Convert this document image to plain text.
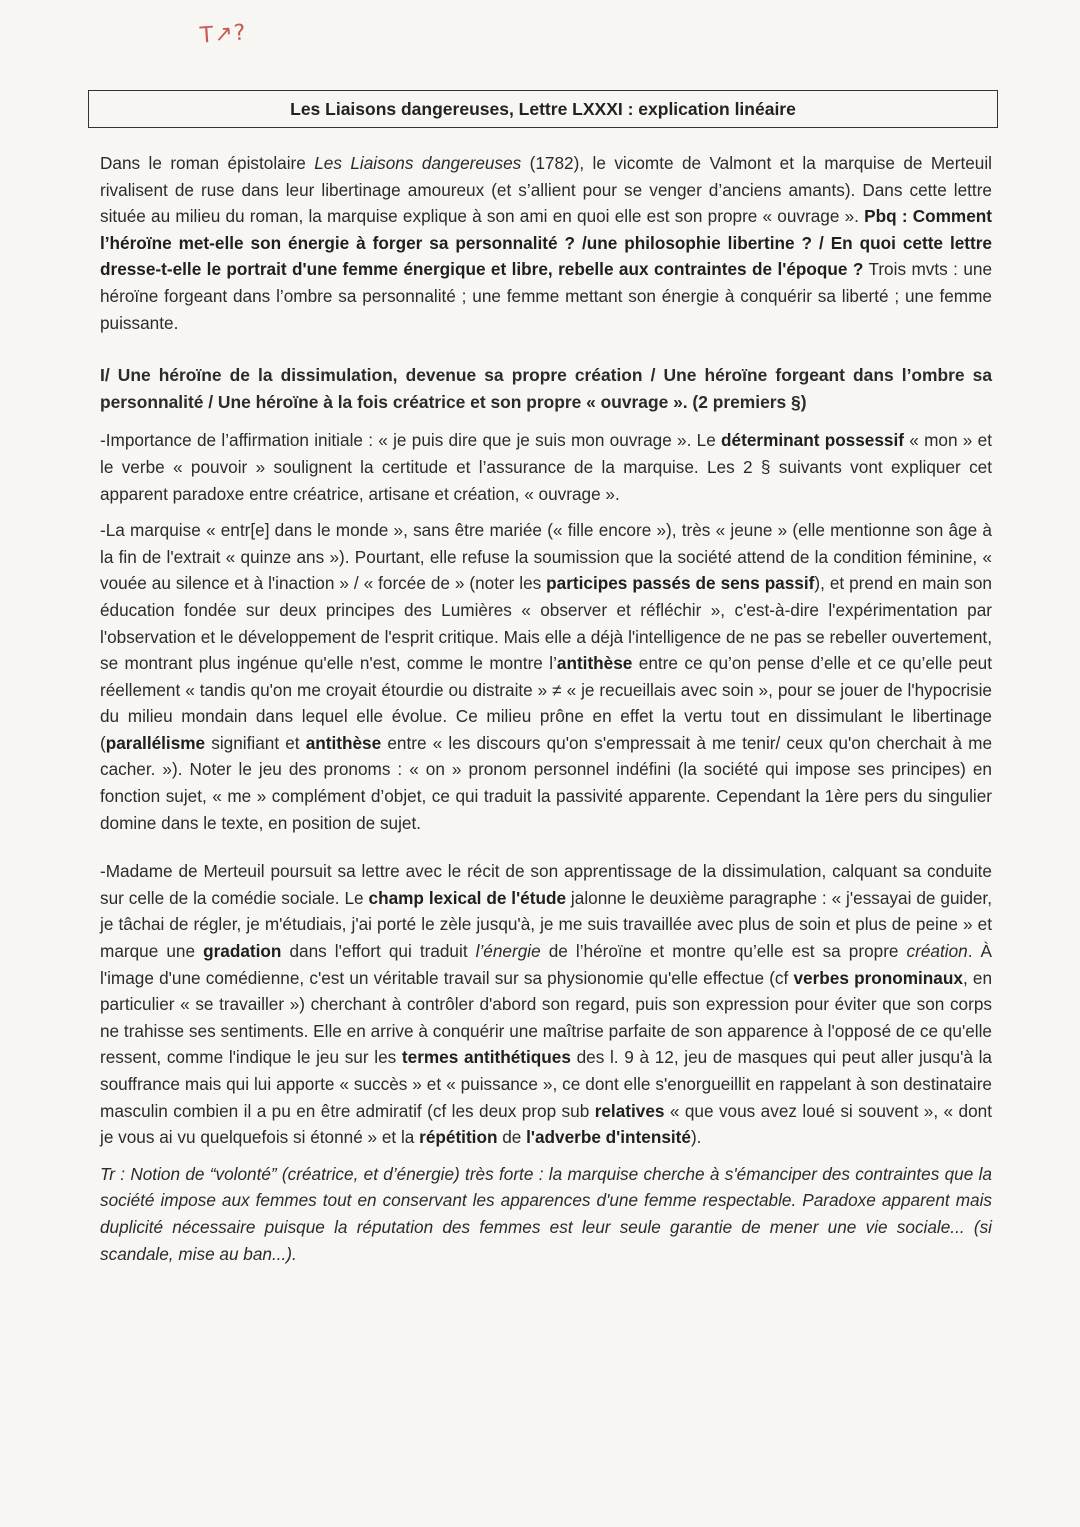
T↗?
Les Liaisons dangereuses, Lettre LXXXI : explication linéaire

Dans le roman épistolaire Les Liaisons dangereuses (1782), le vicomte de Valmont et la marquise de Merteuil rivalisent de ruse dans leur libertinage amoureux (et s’allient pour se venger d’anciens amants). Dans cette lettre située au milieu du roman, la marquise explique à son ami en quoi elle est son propre « ouvrage ». Pbq : Comment l’héroïne met-elle son énergie à forger sa personnalité ? /une philosophie libertine ? / En quoi cette lettre dresse-t-elle le portrait d'une femme énergique et libre, rebelle aux contraintes de l'époque ? Trois mvts : une héroïne forgeant dans l’ombre sa personnalité ; une femme mettant son énergie à conquérir sa liberté ; une femme puissante.

I/ Une héroïne de la dissimulation, devenue sa propre création / Une héroïne forgeant dans l’ombre sa personnalité / Une héroïne à la fois créatrice et son propre « ouvrage ». (2 premiers §)

-Importance de l’affirmation initiale : « je puis dire que je suis mon ouvrage ». Le déterminant possessif « mon » et le verbe « pouvoir » soulignent la certitude et l’assurance de la marquise. Les 2 § suivants vont expliquer cet apparent paradoxe entre créatrice, artisane et création, « ouvrage ».

-La marquise « entr[e] dans le monde », sans être mariée (« fille encore »), très « jeune » (elle mentionne son âge à la fin de l'extrait « quinze ans »). Pourtant, elle refuse la soumission que la société attend de la condition féminine, « vouée au silence et à l'inaction » / « forcée de » (noter les participes passés de sens passif), et prend en main son éducation fondée sur deux principes des Lumières « observer et réfléchir », c'est-à-dire l'expérimentation par l'observation et le développement de l'esprit critique. Mais elle a déjà l'intelligence de ne pas se rebeller ouvertement, se montrant plus ingénue qu'elle n'est, comme le montre l’antithèse entre ce qu’on pense d’elle et ce qu’elle peut réellement « tandis qu'on me croyait étourdie ou distraite » ≠ « je recueillais avec soin », pour se jouer de l'hypocrisie du milieu mondain dans lequel elle évolue. Ce milieu prône en effet la vertu tout en dissimulant le libertinage (parallélisme signifiant et antithèse entre « les discours qu'on s'empressait à me tenir/ ceux qu'on cherchait à me cacher. »). Noter le jeu des pronoms : « on » pronom personnel indéfini (la société qui impose ses principes) en fonction sujet, « me » complément d’objet, ce qui traduit la passivité apparente. Cependant la 1ère pers du singulier domine dans le texte, en position de sujet.

-Madame de Merteuil poursuit sa lettre avec le récit de son apprentissage de la dissimulation, calquant sa conduite sur celle de la comédie sociale. Le champ lexical de l'étude jalonne le deuxième paragraphe : « j'essayai de guider, je tâchai de régler, je m'étudiais, j'ai porté le zèle jusqu'à, je me suis travaillée avec plus de soin et plus de peine » et marque une gradation dans l'effort qui traduit l’énergie de l’héroïne et montre qu’elle est sa propre création. À l'image d'une comédienne, c'est un véritable travail sur sa physionomie qu'elle effectue (cf verbes pronominaux, en particulier « se travailler ») cherchant à contrôler d'abord son regard, puis son expression pour éviter que son corps ne trahisse ses sentiments. Elle en arrive à conquérir une maîtrise parfaite de son apparence à l'opposé de ce qu'elle ressent, comme l'indique le jeu sur les termes antithétiques des l. 9 à 12, jeu de masques qui peut aller jusqu'à la souffrance mais qui lui apporte « succès » et « puissance », ce dont elle s'enorgueillit en rappelant à son destinataire masculin combien il a pu en être admiratif (cf les deux prop sub relatives « que vous avez loué si souvent », « dont je vous ai vu quelquefois si étonné » et la répétition de l'adverbe d'intensité).

Tr : Notion de “volonté” (créatrice, et d’énergie) très forte : la marquise cherche à s'émanciper des contraintes que la société impose aux femmes tout en conservant les apparences d'une femme respectable. Paradoxe apparent mais duplicité nécessaire puisque la réputation des femmes est leur seule garantie de mener une vie sociale... (si scandale, mise au ban...).
